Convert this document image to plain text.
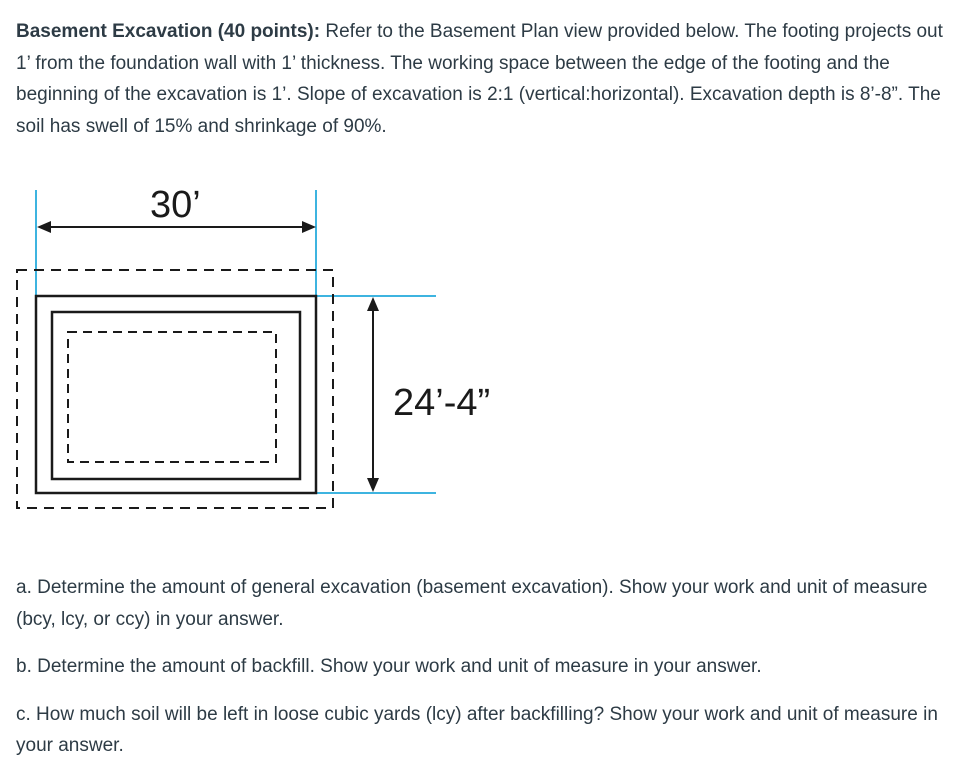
Basement Excavation (40 points): Refer to the Basement Plan view provided below. The footing projects out 1’ from the foundation wall with 1’ thickness. The working space between the edge of the footing and the beginning of the excavation is 1’. Slope of excavation is 2:1 (vertical:horizontal). Excavation depth is 8’-8”. The soil has swell of 15% and shrinkage of 90%.

30’
24’-4”

a. Determine the amount of general excavation (basement excavation). Show your work and unit of measure (bcy, lcy, or ccy) in your answer.

b. Determine the amount of backfill. Show your work and unit of measure in your answer.

c. How much soil will be left in loose cubic yards (lcy) after backfilling? Show your work and unit of measure in your answer.
